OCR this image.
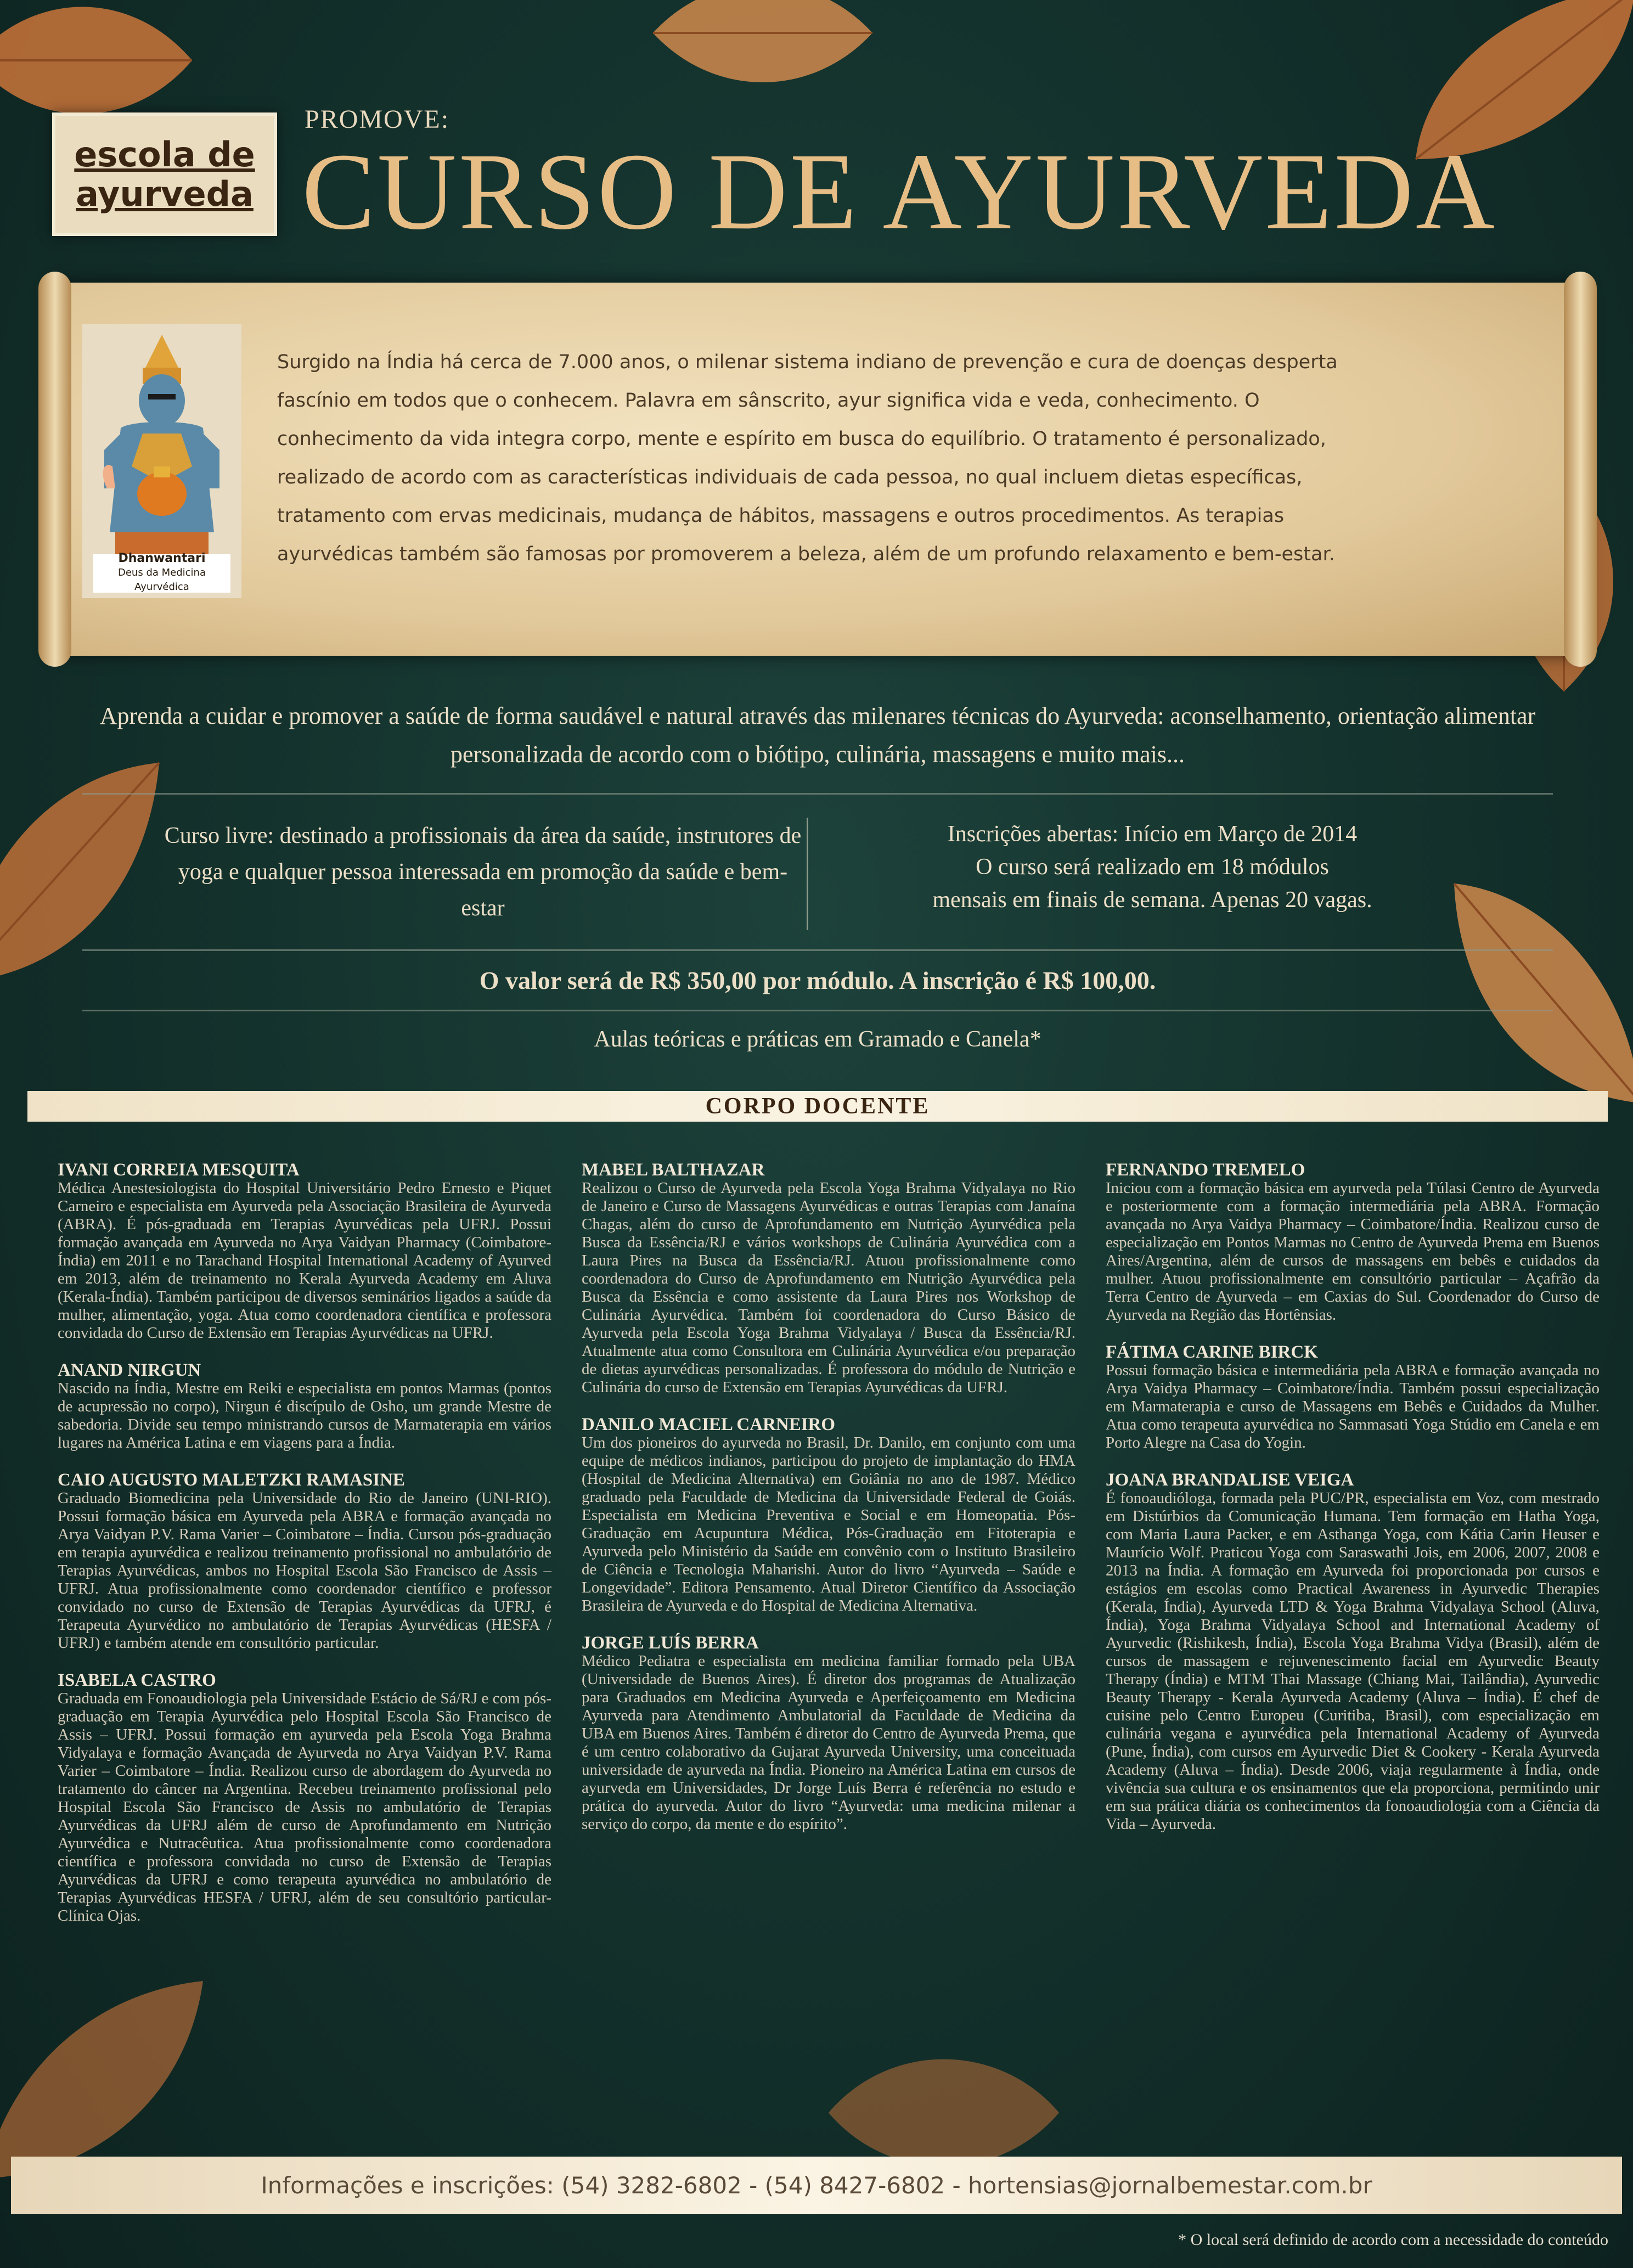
escola de
ayurveda
PROMOVE:
CURSO DE AYURVEDA
Dhanwantari
Deus da Medicina Ayurvédica
Surgido na Índia há cerca de 7.000 anos, o milenar sistema indiano de prevenção e cura de doenças desperta fascínio em todos que o conhecem. Palavra em sânscrito, ayur significa vida e veda, conhecimento. O conhecimento da vida integra corpo, mente e espírito em busca do equilíbrio. O tratamento é personalizado, realizado de acordo com as características individuais de cada pessoa, no qual incluem dietas específicas, tratamento com ervas medicinais, mudança de hábitos, massagens e outros procedimentos. As terapias ayurvédicas também são famosas por promoverem a beleza, além de um profundo relaxamento e bem-estar.
Aprenda a cuidar e promover a saúde de forma saudável e natural através das milenares técnicas do Ayurveda: aconselhamento, orientação alimentar personalizada de acordo com o biótipo, culinária, massagens e muito mais...
Curso livre: destinado a profissionais da área da saúde, instrutores de yoga e qualquer pessoa interessada em promoção da saúde e bem-estar
Inscrições abertas: Início em Março de 2014
O curso será realizado em 18 módulos
mensais em finais de semana. Apenas 20 vagas.
O valor será de R$ 350,00 por módulo. A inscrição é R$ 100,00.
Aulas teóricas e práticas em Gramado e Canela*
CORPO DOCENTE
IVANI CORREIA MESQUITA
Médica Anestesiologista do Hospital Universitário Pedro Ernesto e Piquet Carneiro e especialista em Ayurveda pela Associação Brasileira de Ayurveda (ABRA). É pós-graduada em Terapias Ayurvédicas pela UFRJ. Possui formação avançada em Ayurveda no Arya Vaidyan Pharmacy (Coimbatore-Índia) em 2011 e no Tarachand Hospital International Academy of Ayurved em 2013, além de treinamento no Kerala Ayurveda Academy em Aluva (Kerala-Índia). Também participou de diversos seminários ligados a saúde da mulher, alimentação, yoga. Atua como coordenadora científica e professora convidada do Curso de Extensão em Terapias Ayurvédicas na UFRJ.
ANAND NIRGUN
Nascido na Índia, Mestre em Reiki e especialista em pontos Marmas (pontos de acupressão no corpo), Nirgun é discípulo de Osho, um grande Mestre de sabedoria. Divide seu tempo ministrando cursos de Marmaterapia em vários lugares na América Latina e em viagens para a Índia.
CAIO AUGUSTO MALETZKI RAMASINE
Graduado Biomedicina pela Universidade do Rio de Janeiro (UNI-RIO). Possui formação básica em Ayurveda pela ABRA e formação avançada no Arya Vaidyan P.V. Rama Varier – Coimbatore – Índia. Cursou pós-graduação em terapia ayurvédica e realizou treinamento profissional no ambulatório de Terapias Ayurvédicas, ambos no Hospital Escola São Francisco de Assis – UFRJ. Atua profissionalmente como coordenador científico e professor convidado no curso de Extensão de Terapias Ayurvédicas da UFRJ, é Terapeuta Ayurvédico no ambulatório de Terapias Ayurvédicas (HESFA / UFRJ) e também atende em consultório particular.
ISABELA CASTRO
Graduada em Fonoaudiologia pela Universidade Estácio de Sá/RJ e com pós-graduação em Terapia Ayurvédica pelo Hospital Escola São Francisco de Assis – UFRJ. Possui formação em ayurveda pela Escola Yoga Brahma Vidyalaya e formação Avançada de Ayurveda no Arya Vaidyan P.V. Rama Varier – Coimbatore – Índia. Realizou curso de abordagem do Ayurveda no tratamento do câncer na Argentina. Recebeu treinamento profissional pelo Hospital Escola São Francisco de Assis no ambulatório de Terapias Ayurvédicas da UFRJ além de curso de Aprofundamento em Nutrição Ayurvédica e Nutracêutica. Atua profissionalmente como coordenadora científica e professora convidada no curso de Extensão de Terapias Ayurvédicas da UFRJ e como terapeuta ayurvédica no ambulatório de Terapias Ayurvédicas HESFA / UFRJ, além de seu consultório particular- Clínica Ojas.
MABEL BALTHAZAR
Realizou o Curso de Ayurveda pela Escola Yoga Brahma Vidyalaya no Rio de Janeiro e Curso de Massagens Ayurvédicas e outras Terapias com Janaína Chagas, além do curso de Aprofundamento em Nutrição Ayurvédica pela Busca da Essência/RJ e vários workshops de Culinária Ayurvédica com a Laura Pires na Busca da Essência/RJ. Atuou profissionalmente como coordenadora do Curso de Aprofundamento em Nutrição Ayurvédica pela Busca da Essência e como assistente da Laura Pires nos Workshop de Culinária Ayurvédica. Também foi coordenadora do Curso Básico de Ayurveda pela Escola Yoga Brahma Vidyalaya / Busca da Essência/RJ. Atualmente atua como Consultora em Culinária Ayurvédica e/ou preparação de dietas ayurvédicas personalizadas. É professora do módulo de Nutrição e Culinária do curso de Extensão em Terapias Ayurvédicas da UFRJ.
DANILO MACIEL CARNEIRO
Um dos pioneiros do ayurveda no Brasil, Dr. Danilo, em conjunto com uma equipe de médicos indianos, participou do projeto de implantação do HMA (Hospital de Medicina Alternativa) em Goiânia no ano de 1987. Médico graduado pela Faculdade de Medicina da Universidade Federal de Goiás. Especialista em Medicina Preventiva e Social e em Homeopatia. Pós-Graduação em Acupuntura Médica, Pós-Graduação em Fitoterapia e Ayurveda pelo Ministério da Saúde em convênio com o Instituto Brasileiro de Ciência e Tecnologia Maharishi. Autor do livro “Ayurveda – Saúde e Longevidade”. Editora Pensamento. Atual Diretor Científico da Associação Brasileira de Ayurveda e do Hospital de Medicina Alternativa.
JORGE LUÍS BERRA
Médico Pediatra e especialista em medicina familiar formado pela UBA (Universidade de Buenos Aires). É diretor dos programas de Atualização para Graduados em Medicina Ayurveda e Aperfeiçoamento em Medicina Ayurveda para Atendimento Ambulatorial da Faculdade de Medicina da UBA em Buenos Aires. Também é diretor do Centro de Ayurveda Prema, que é um centro colaborativo da Gujarat Ayurveda University, uma conceituada universidade de ayurveda na Índia. Pioneiro na América Latina em cursos de ayurveda em Universidades, Dr Jorge Luís Berra é referência no estudo e prática do ayurveda. Autor do livro “Ayurveda: uma medicina milenar a serviço do corpo, da mente e do espírito”.
FERNANDO TREMELO
Iniciou com a formação básica em ayurveda pela Túlasi Centro de Ayurveda e posteriormente com a formação intermediária pela ABRA. Formação avançada no Arya Vaidya Pharmacy – Coimbatore/Índia. Realizou curso de especialização em Pontos Marmas no Centro de Ayurveda Prema em Buenos Aires/Argentina, além de cursos de massagens em bebês e cuidados da mulher. Atuou profissionalmente em consultório particular – Açafrão da Terra Centro de Ayurveda – em Caxias do Sul. Coordenador do Curso de Ayurveda na Região das Hortênsias.
FÁTIMA CARINE BIRCK
Possui formação básica e intermediária pela ABRA e formação avançada no Arya Vaidya Pharmacy – Coimbatore/Índia. Também possui especialização em Marmaterapia e curso de Massagens em Bebês e Cuidados da Mulher. Atua como terapeuta ayurvédica no Sammasati Yoga Stúdio em Canela e em Porto Alegre na Casa do Yogin.
JOANA BRANDALISE VEIGA
É fonoaudióloga, formada pela PUC/PR, especialista em Voz, com mestrado em Distúrbios da Comunicação Humana. Tem formação em Hatha Yoga, com Maria Laura Packer, e em Asthanga Yoga, com Kátia Carin Heuser e Maurício Wolf. Praticou Yoga com Saraswathi Jois, em 2006, 2007, 2008 e 2013 na Índia. A formação em Ayurveda foi proporcionada por cursos e estágios em escolas como Practical Awareness in Ayurvedic Therapies (Kerala, Índia), Ayurveda LTD & Yoga Brahma Vidyalaya School (Aluva, Índia), Yoga Brahma Vidyalaya School and International Academy of Ayurvedic (Rishikesh, Índia), Escola Yoga Brahma Vidya (Brasil), além de cursos de massagem e rejuvenescimento facial em Ayurvedic Beauty Therapy (Índia) e MTM Thai Massage (Chiang Mai, Tailândia), Ayurvedic Beauty Therapy - Kerala Ayurveda Academy (Aluva – Índia). É chef de cuisine pelo Centro Europeu (Curitiba, Brasil), com especialização em culinária vegana e ayurvédica pela International Academy of Ayurveda (Pune, Índia), com cursos em Ayurvedic Diet & Cookery - Kerala Ayurveda Academy (Aluva – Índia). Desde 2006, viaja regularmente à Índia, onde vivência sua cultura e os ensinamentos que ela proporciona, permitindo unir em sua prática diária os conhecimentos da fonoaudiologia com a Ciência da Vida – Ayurveda.
Informações e inscrições: (54) 3282-6802 - (54) 8427-6802 - hortensias@jornalbemestar.com.br
* O local será definido de acordo com a necessidade do conteúdo
